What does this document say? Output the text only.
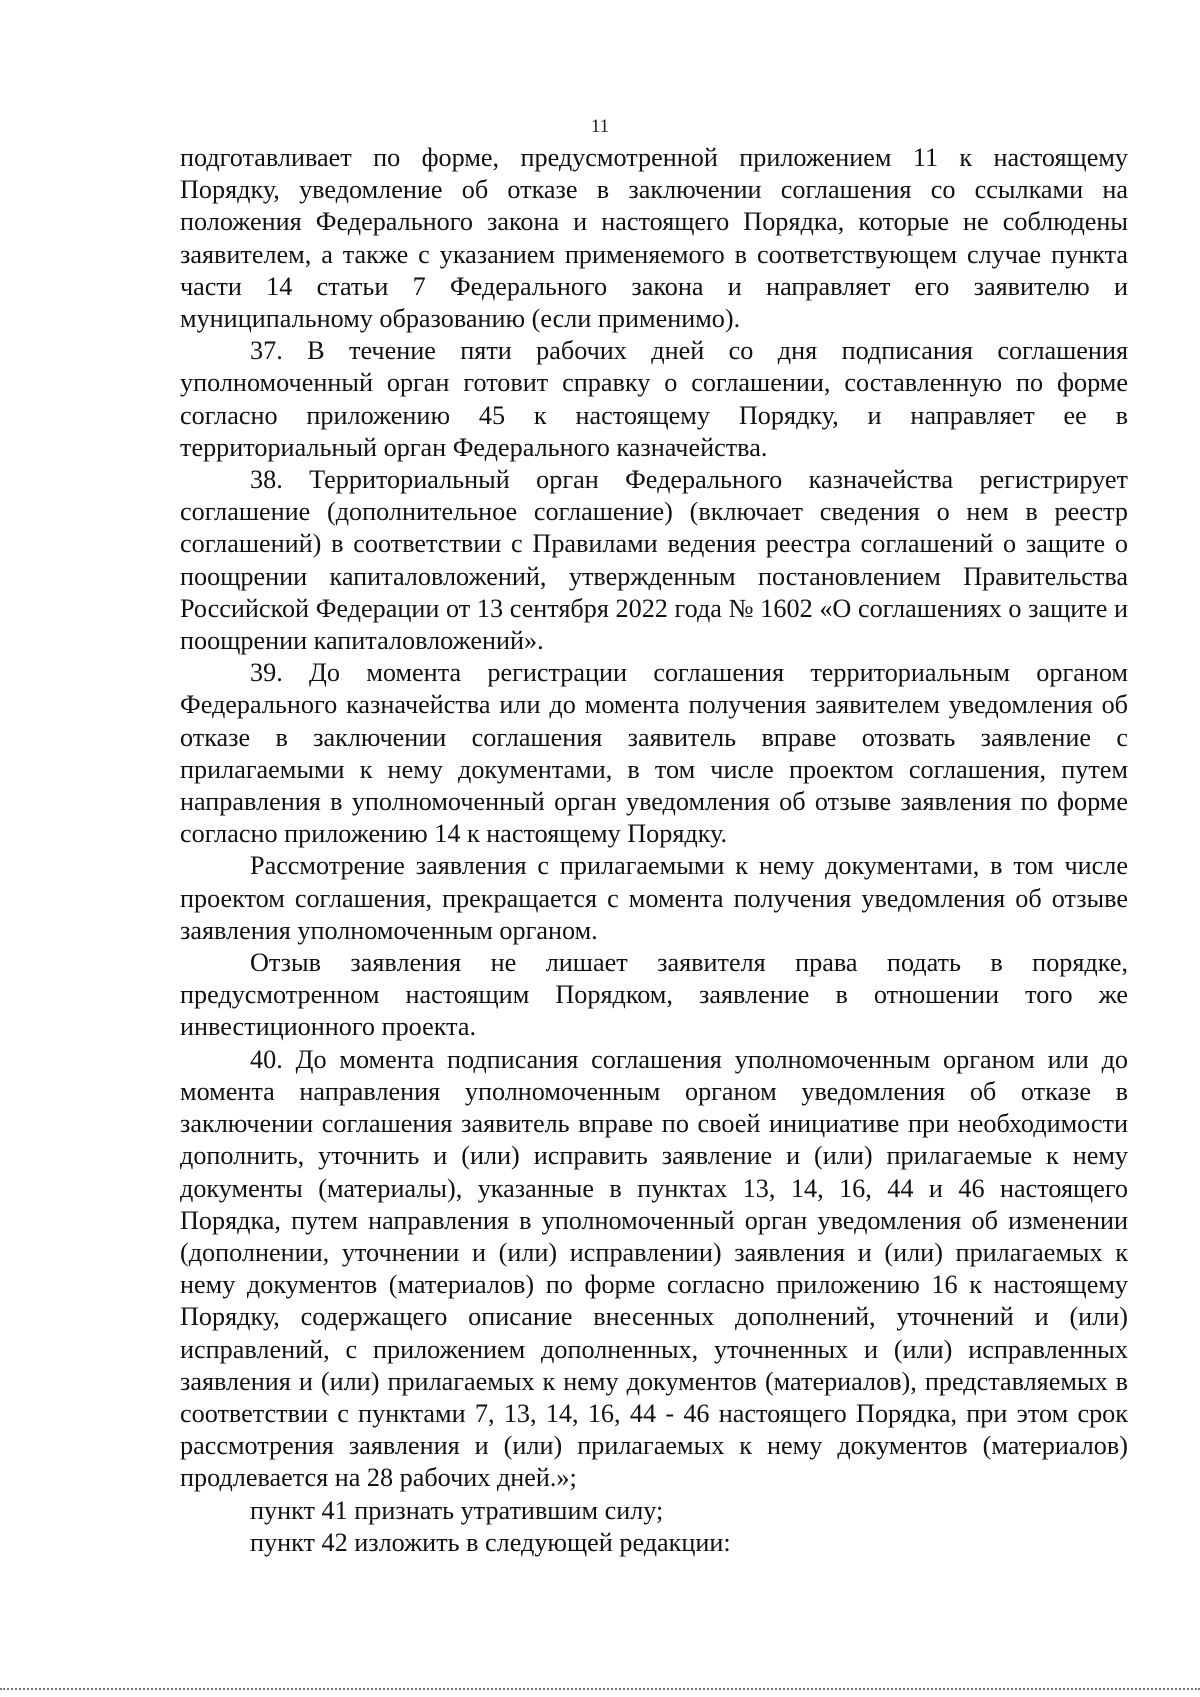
11

подготавливает по форме, предусмотренной приложением 11 к настоящему Порядку, уведомление об отказе в заключении соглашения со ссылками на положения Федерального закона и настоящего Порядка, которые не соблюдены заявителем, а также с указанием применяемого в соответствующем случае пункта части 14 статьи 7 Федерального закона и направляет его заявителю и муниципальному образованию (если применимо).

37. В течение пяти рабочих дней со дня подписания соглашения уполномоченный орган готовит справку о соглашении, составленную по форме согласно приложению 45 к настоящему Порядку, и направляет ее в территориальный орган Федерального казначейства.

38. Территориальный орган Федерального казначейства регистрирует соглашение (дополнительное соглашение) (включает сведения о нем в реестр соглашений) в соответствии с Правилами ведения реестра соглашений о защите о поощрении капиталовложений, утвержденным постановлением Правительства Российской Федерации от 13 сентября 2022 года № 1602 «О соглашениях о защите и поощрении капиталовложений».

39. До момента регистрации соглашения территориальным органом Федерального казначейства или до момента получения заявителем уведомления об отказе в заключении соглашения заявитель вправе отозвать заявление с прилагаемыми к нему документами, в том числе проектом соглашения, путем направления в уполномоченный орган уведомления об отзыве заявления по форме согласно приложению 14 к настоящему Порядку.

Рассмотрение заявления с прилагаемыми к нему документами, в том числе проектом соглашения, прекращается с момента получения уведомления об отзыве заявления уполномоченным органом.

Отзыв заявления не лишает заявителя права подать в порядке, предусмотренном настоящим Порядком, заявление в отношении того же инвестиционного проекта.

40. До момента подписания соглашения уполномоченным органом или до момента направления уполномоченным органом уведомления об отказе в заключении соглашения заявитель вправе по своей инициативе при необходимости дополнить, уточнить и (или) исправить заявление и (или) прилагаемые к нему документы (материалы), указанные в пунктах 13, 14, 16, 44 и 46 настоящего Порядка, путем направления в уполномоченный орган уведомления об изменении (дополнении, уточнении и (или) исправлении) заявления и (или) прилагаемых к нему документов (материалов) по форме согласно приложению 16 к настоящему Порядку, содержащего описание внесенных дополнений, уточнений и (или) исправлений, с приложением дополненных, уточненных и (или) исправленных заявления и (или) прилагаемых к нему документов (материалов), представляемых в соответствии с пунктами 7, 13, 14, 16, 44 - 46 настоящего Порядка, при этом срок рассмотрения заявления и (или) прилагаемых к нему документов (материалов) продлевается на 28 рабочих дней.»;

пункт 41 признать утратившим силу;

пункт 42 изложить в следующей редакции:
